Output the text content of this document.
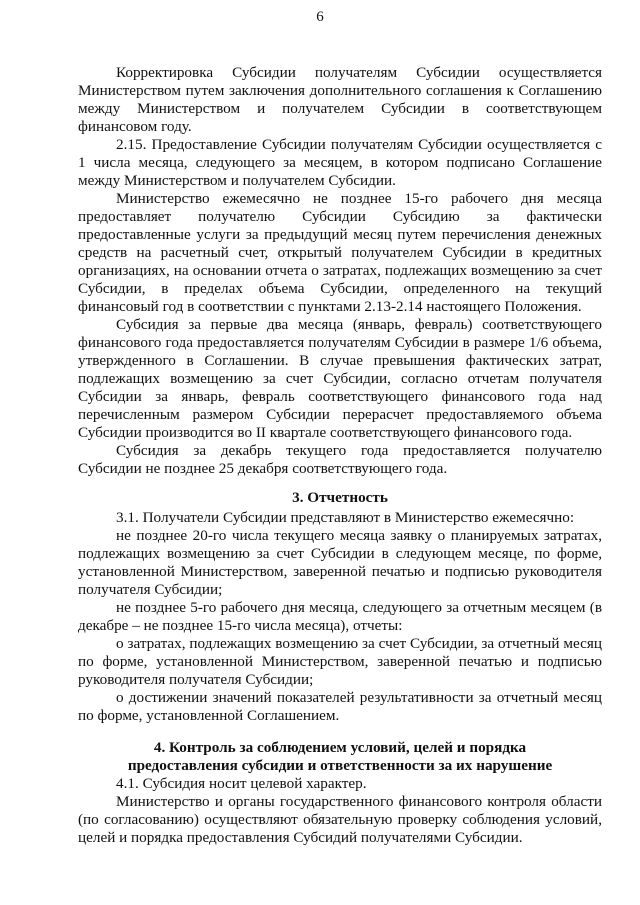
6

Корректировка Субсидии получателям Субсидии осуществляется Министерством путем заключения дополнительного соглашения к Соглашению между Министерством и получателем Субсидии в соответствующем финансовом году.

2.15. Предоставление Субсидии получателям Субсидии осуществляется с 1 числа месяца, следующего за месяцем, в котором подписано Соглашение между Министерством и получателем Субсидии.

Министерство ежемесячно не позднее 15-го рабочего дня месяца предоставляет получателю Субсидии Субсидию за фактически предоставленные услуги за предыдущий месяц путем перечисления денежных средств на расчетный счет, открытый получателем Субсидии в кредитных организациях, на основании отчета о затратах, подлежащих возмещению за счет Субсидии, в пределах объема Субсидии, определенного на текущий финансовый год в соответствии с пунктами 2.13-2.14 настоящего Положения.

Субсидия за первые два месяца (январь, февраль) соответствующего финансового года предоставляется получателям Субсидии в размере 1/6 объема, утвержденного в Соглашении. В случае превышения фактических затрат, подлежащих возмещению за счет Субсидии, согласно отчетам получателя Субсидии за январь, февраль соответствующего финансового года над перечисленным размером Субсидии перерасчет предоставляемого объема Субсидии производится во II квартале соответствующего финансового года.

Субсидия за декабрь текущего года предоставляется получателю Субсидии не позднее 25 декабря соответствующего года.

3. Отчетность

3.1. Получатели Субсидии представляют в Министерство ежемесячно:

не позднее 20-го числа текущего месяца заявку о планируемых затратах, подлежащих возмещению за счет Субсидии в следующем месяце, по форме, установленной Министерством, заверенной печатью и подписью руководителя получателя Субсидии;

не позднее 5-го рабочего дня месяца, следующего за отчетным месяцем (в декабре – не позднее 15-го числа месяца), отчеты:

о затратах, подлежащих возмещению за счет Субсидии, за отчетный месяц по форме, установленной Министерством, заверенной печатью и подписью руководителя получателя Субсидии;

о достижении значений показателей результативности за отчетный месяц по форме, установленной Соглашением.

4. Контроль за соблюдением условий, целей и порядка
предоставления субсидии и ответственности за их нарушение

4.1. Субсидия носит целевой характер.

Министерство и органы государственного финансового контроля области (по согласованию) осуществляют обязательную проверку соблюдения условий, целей и порядка предоставления Субсидий получателями Субсидии.
